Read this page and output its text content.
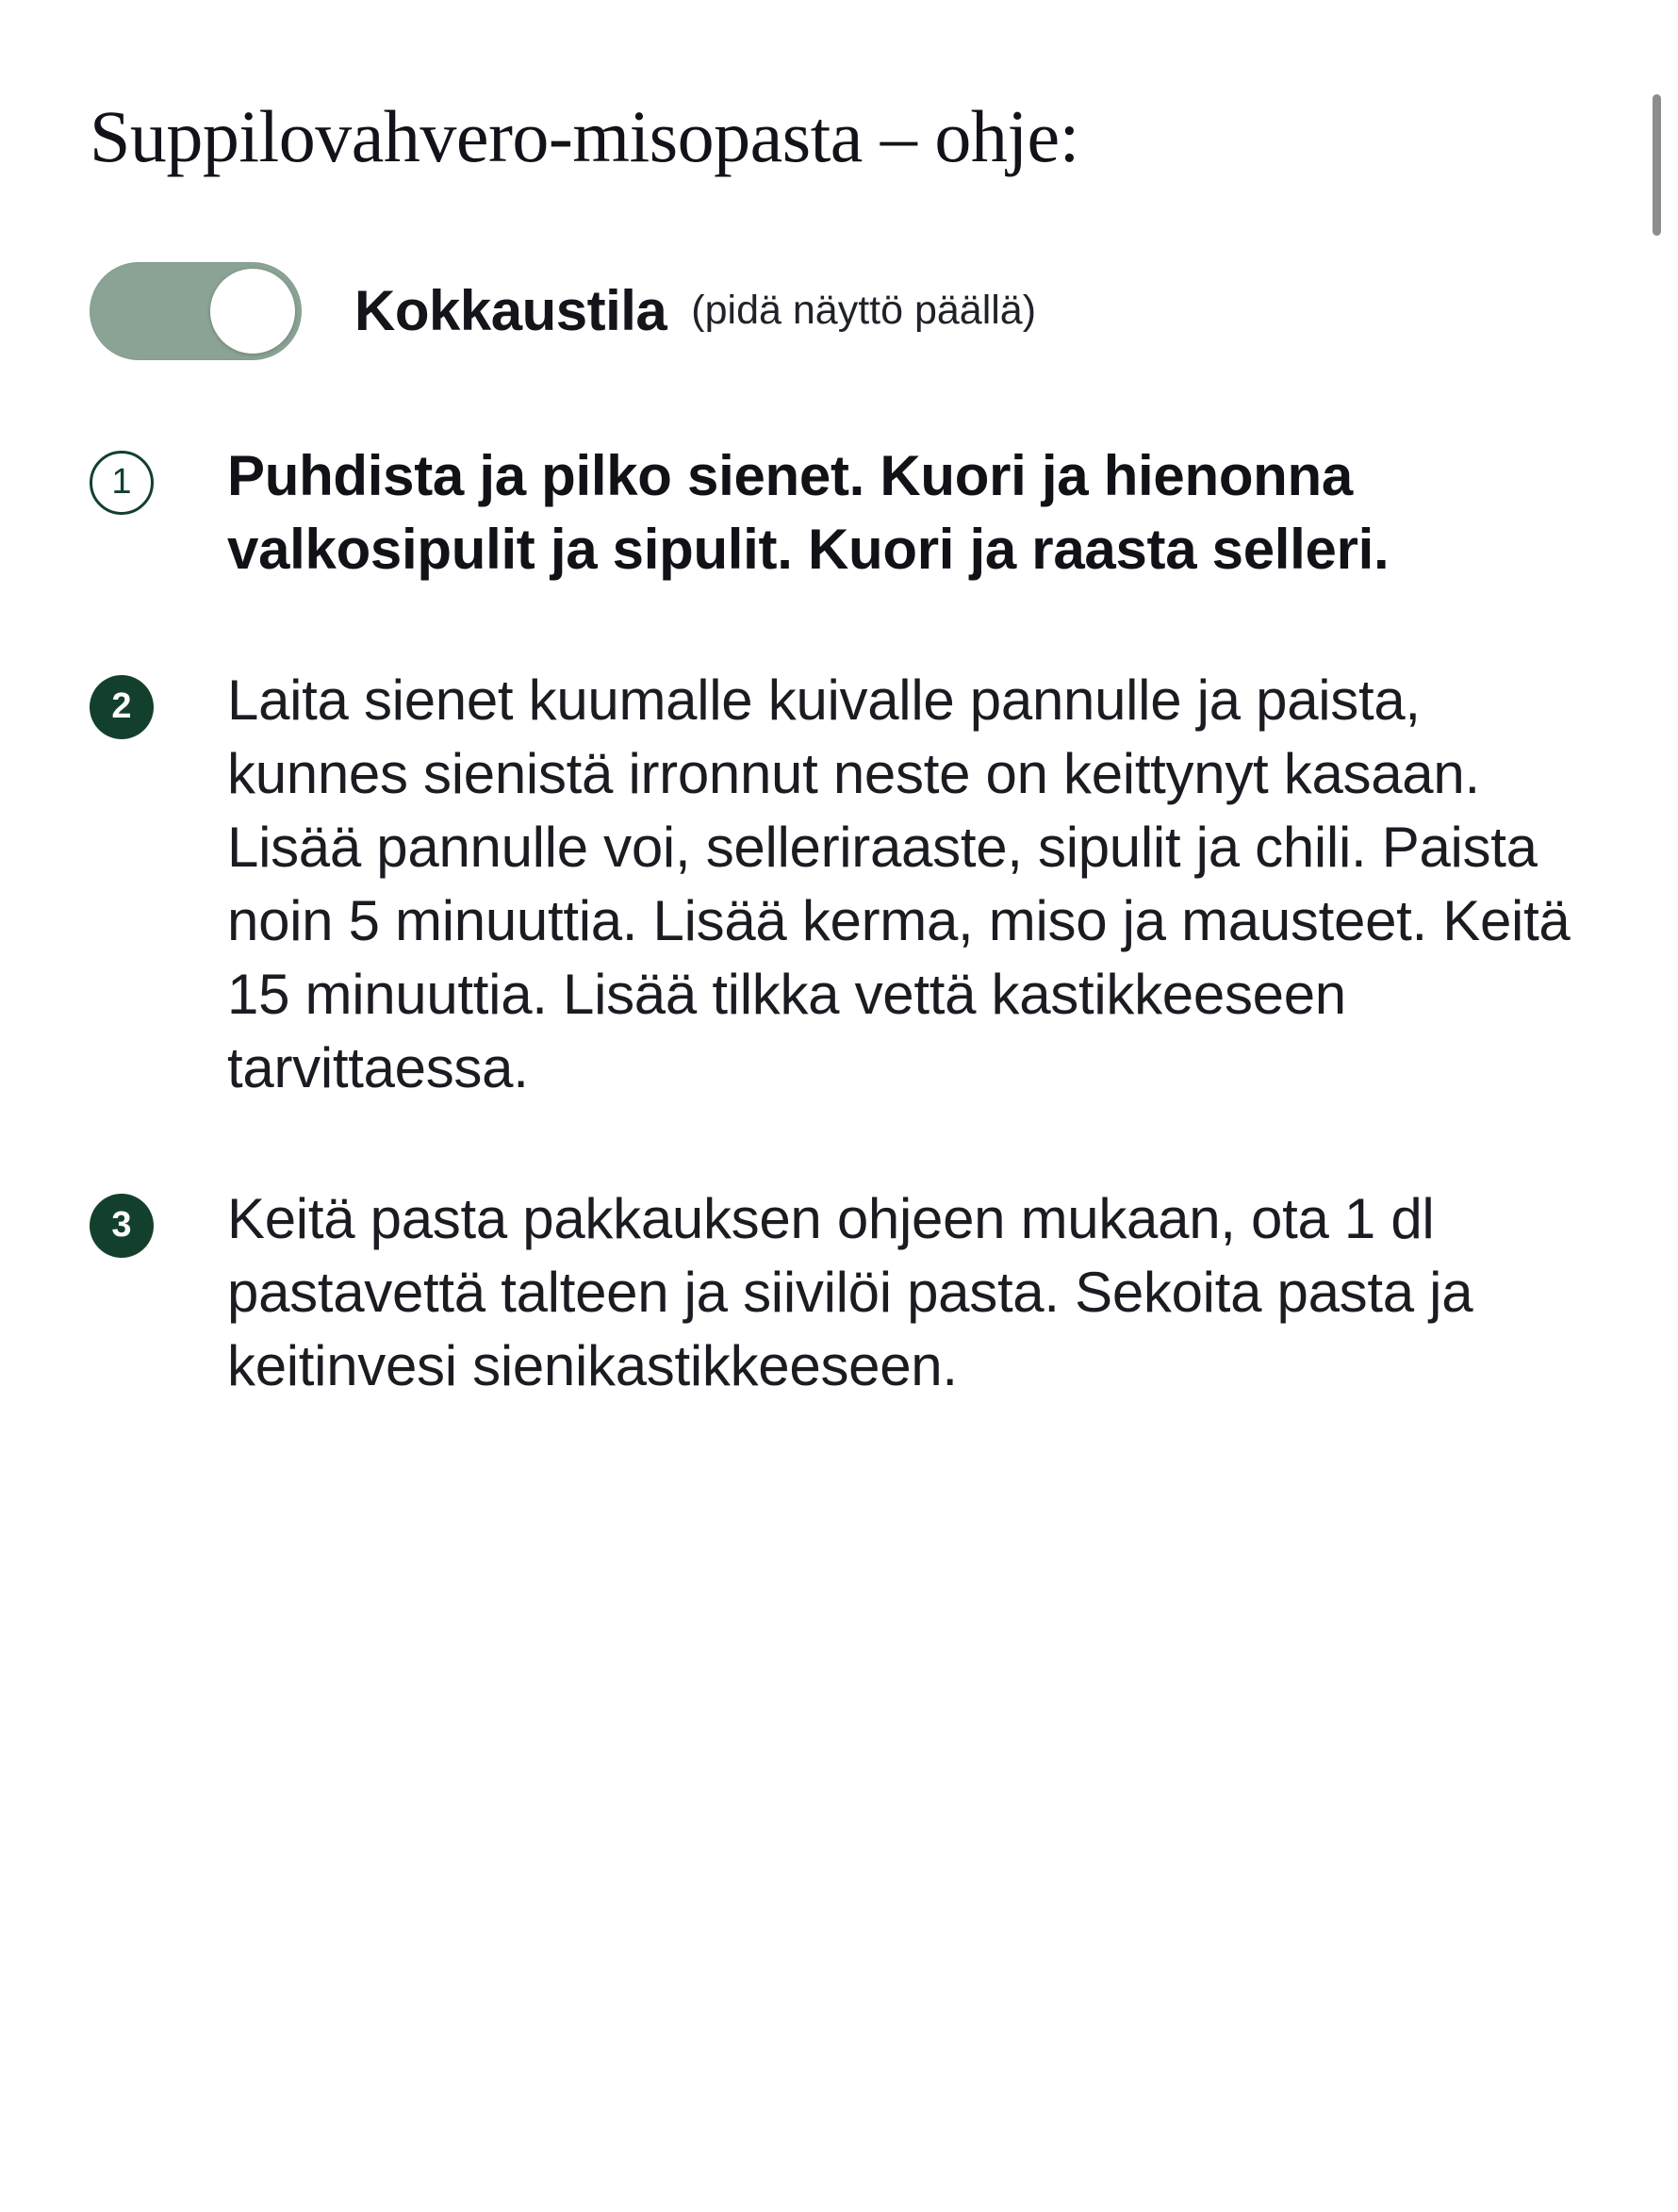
Suppilovahvero-misopasta – ohje:
Kokkaustila (pidä näyttö päällä)
1	Puhdista ja pilko sienet. Kuori ja hienonna valkosipulit ja sipulit. Kuori ja raasta selleri.
2	Laita sienet kuumalle kuivalle pannulle ja paista, kunnes sienistä irronnut neste on keittynyt kasaan. Lisää pannulle voi, selleriraaste, sipulit ja chili. Paista noin 5 minuuttia. Lisää kerma, miso ja mausteet. Keitä 15 minuuttia. Lisää tilkka vettä kastikkeeseen tarvittaessa.
3	Keitä pasta pakkauksen ohjeen mukaan, ota 1 dl pastavettä talteen ja siivilöi pasta. Sekoita pasta ja keitinvesi sienikastikkeeseen.
